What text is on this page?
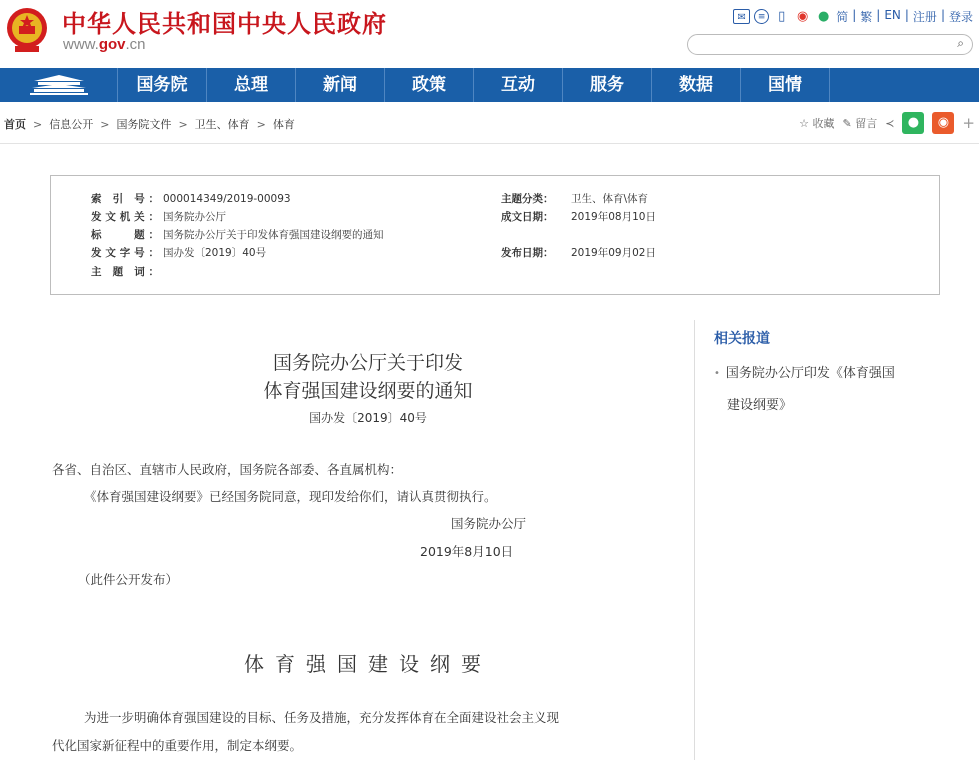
中华人民共和国中央人民政府
www.gov.cn
✉	≡ ▯ ◉ ● 简 | 繁 | EN | 注册 | 登录
⌕
国务院	总理	新闻	政策	互动	服务	数据	国情
首页 > 信息公开 > 国务院文件 > 卫生、体育 > 体育	☆ 收藏 ✎ 留言 ≺	●	◉ +
索 引 号： 000014349/2019-00093	主题分类： 卫生、体育\体育
发文机关： 国务院办公厅	成文日期： 2019年08月10日
标　　题： 国务院办公厅关于印发体育强国建设纲要的通知
发文字号： 国办发〔2019〕40号	发布日期： 2019年09月02日
主 题 词：
国务院办公厅关于印发
体育强国建设纲要的通知
国办发〔2019〕40号
各省、自治区、直辖市人民政府，国务院各部委、各直属机构：
《体育强国建设纲要》已经国务院同意，现印发给你们，请认真贯彻执行。
国务院办公厅
2019年8月10日
（此件公开发布）
体育强国建设纲要
为进一步明确体育强国建设的目标、任务及措施，充分发挥体育在全面建设社会主义现
代化国家新征程中的重要作用，制定本纲要。
相关报道
• 国务院办公厅印发《体育强国
建设纲要》
